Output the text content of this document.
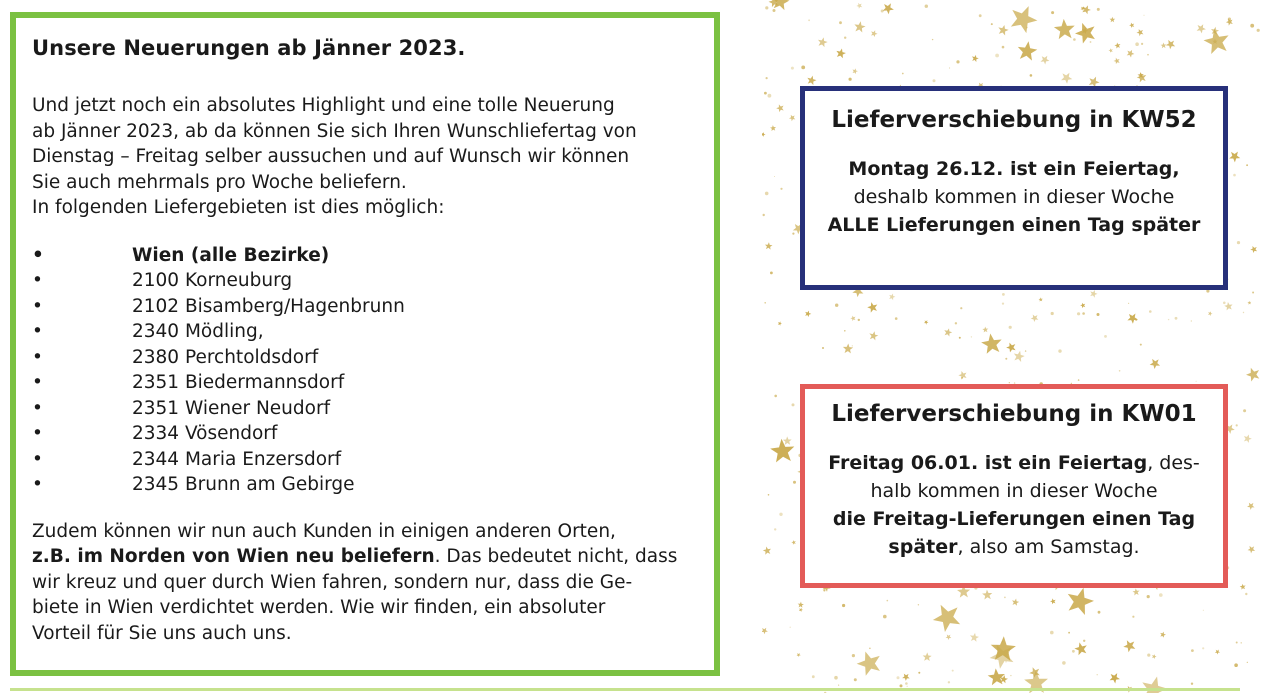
Unsere Neuerungen ab Jänner 2023.

Und jetzt noch ein absolutes Highlight und eine tolle Neuerung
ab Jänner 2023, ab da können Sie sich Ihren Wunschliefertag von
Dienstag – Freitag selber aussuchen und auf Wunsch wir können
Sie auch mehrmals pro Woche beliefern.
In folgenden Liefergebieten ist dies möglich:

• Wien (alle Bezirke)
• 2100 Korneuburg
• 2102 Bisamberg/Hagenbrunn
• 2340 Mödling,
• 2380 Perchtoldsdorf
• 2351 Biedermannsdorf
• 2351 Wiener Neudorf
• 2334 Vösendorf
• 2344 Maria Enzersdorf
• 2345 Brunn am Gebirge

Zudem können wir nun auch Kunden in einigen anderen Orten,
z.B. im Norden von Wien neu beliefern. Das bedeutet nicht, dass
wir kreuz und quer durch Wien fahren, sondern nur, dass die Ge-
biete in Wien verdichtet werden. Wie wir finden, ein absoluter
Vorteil für Sie uns auch uns.

Lieferverschiebung in KW52
Montag 26.12. ist ein Feiertag,
deshalb kommen in dieser Woche
ALLE Lieferungen einen Tag später
Lieferverschiebung in KW01
Freitag 06.01. ist ein Feiertag, des-
halb kommen in dieser Woche
die Freitag-Lieferungen einen Tag
später, also am Samstag.
